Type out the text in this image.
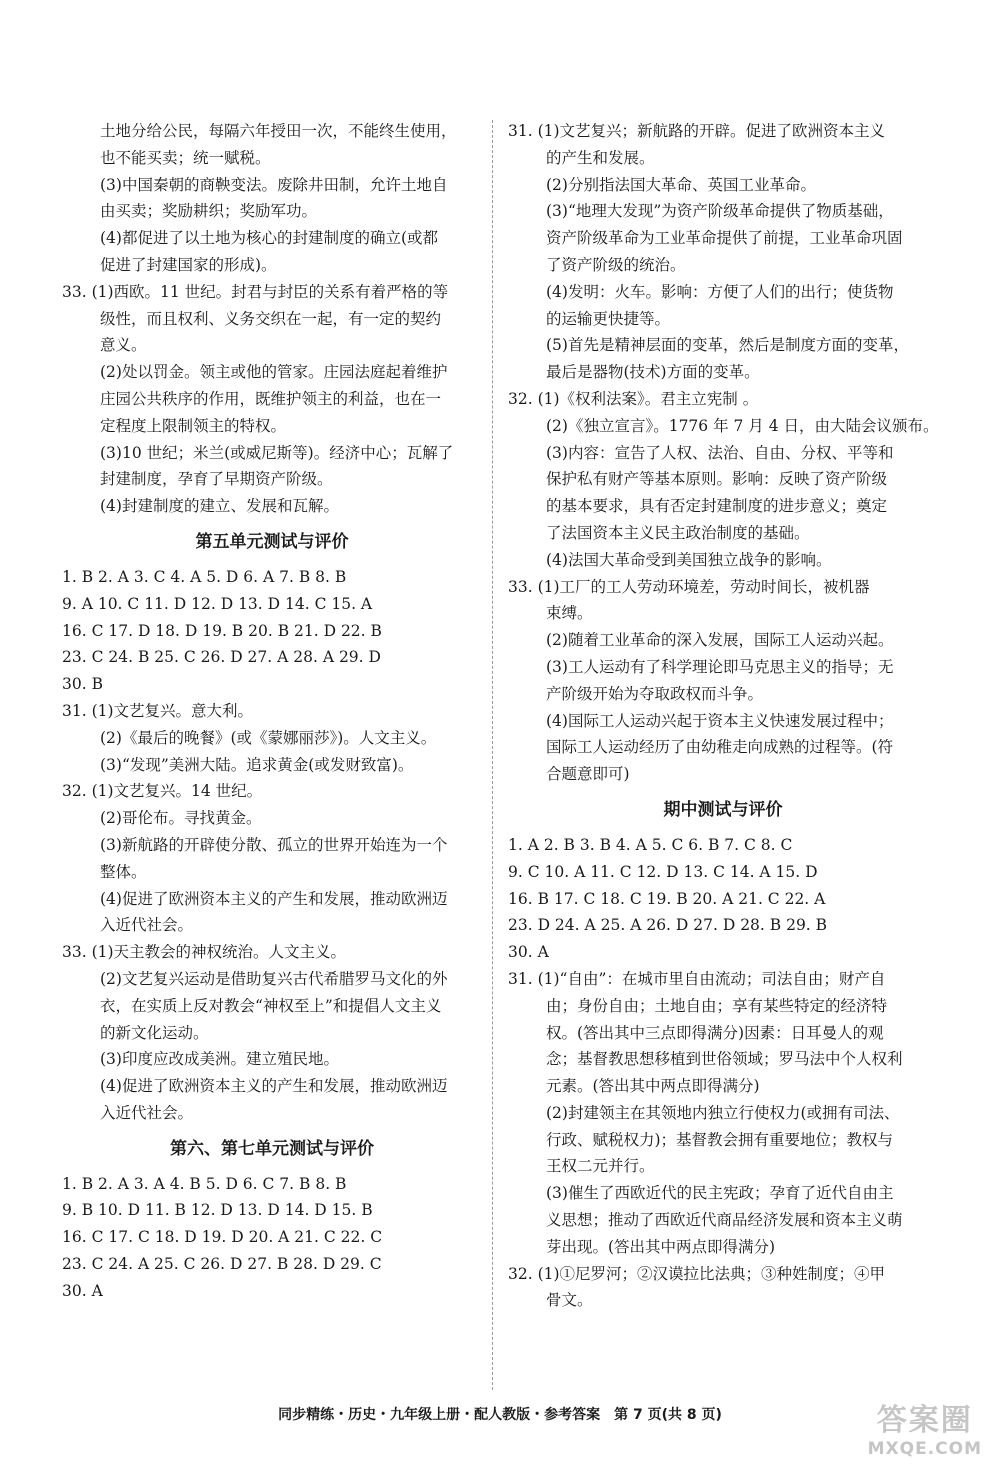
土地分给公民，每隔六年授田一次，不能终生使用，
也不能买卖；统一赋税。
(3)中国秦朝的商鞅变法。废除井田制，允许土地自
由买卖；奖励耕织；奖励军功。
(4)都促进了以土地为核心的封建制度的确立(或都
促进了封建国家的形成)。
33. (1)西欧。11 世纪。封君与封臣的关系有着严格的等
级性，而且权利、义务交织在一起，有一定的契约
意义。
(2)处以罚金。领主或他的管家。庄园法庭起着维护
庄园公共秩序的作用，既维护领主的利益，也在一
定程度上限制领主的特权。
(3)10 世纪；米兰(或威尼斯等)。经济中心；瓦解了
封建制度，孕育了早期资产阶级。
(4)封建制度的建立、发展和瓦解。
第五单元测试与评价
1. B 2. A 3. C 4. A 5. D 6. A 7. B 8. B
9. A 10. C 11. D 12. D 13. D 14. C 15. A
16. C 17. D 18. D 19. B 20. B 21. D 22. B
23. C 24. B 25. C 26. D 27. A 28. A 29. D
30. B
31. (1)文艺复兴。意大利。
(2)《最后的晚餐》(或《蒙娜丽莎》)。人文主义。
(3)“发现”美洲大陆。追求黄金(或发财致富)。
32. (1)文艺复兴。14 世纪。
(2)哥伦布。寻找黄金。
(3)新航路的开辟使分散、孤立的世界开始连为一个
整体。
(4)促进了欧洲资本主义的产生和发展，推动欧洲迈
入近代社会。
33. (1)天主教会的神权统治。人文主义。
(2)文艺复兴运动是借助复兴古代希腊罗马文化的外
衣，在实质上反对教会“神权至上”和提倡人文主义
的新文化运动。
(3)印度应改成美洲。建立殖民地。
(4)促进了欧洲资本主义的产生和发展，推动欧洲迈
入近代社会。
第六、第七单元测试与评价
1. B 2. A 3. A 4. B 5. D 6. C 7. B 8. B
9. B 10. D 11. B 12. D 13. D 14. D 15. B
16. C 17. C 18. D 19. D 20. A 21. C 22. C
23. C 24. A 25. C 26. D 27. B 28. D 29. C
30. A
31. (1)文艺复兴；新航路的开辟。促进了欧洲资本主义
的产生和发展。
(2)分别指法国大革命、英国工业革命。
(3)“地理大发现”为资产阶级革命提供了物质基础，
资产阶级革命为工业革命提供了前提，工业革命巩固
了资产阶级的统治。
(4)发明：火车。影响：方便了人们的出行；使货物
的运输更快捷等。
(5)首先是精神层面的变革，然后是制度方面的变革，
最后是器物(技术)方面的变革。
32. (1)《权利法案》。君主立宪制 。
(2)《独立宣言》。1776 年 7 月 4 日，由大陆会议颁布。
(3)内容：宣告了人权、法治、自由、分权、平等和
保护私有财产等基本原则。影响：反映了资产阶级
的基本要求，具有否定封建制度的进步意义；奠定
了法国资本主义民主政治制度的基础。
(4)法国大革命受到美国独立战争的影响。
33. (1)工厂的工人劳动环境差，劳动时间长，被机器
束缚。
(2)随着工业革命的深入发展，国际工人运动兴起。
(3)工人运动有了科学理论即马克思主义的指导；无
产阶级开始为夺取政权而斗争。
(4)国际工人运动兴起于资本主义快速发展过程中；
国际工人运动经历了由幼稚走向成熟的过程等。(符
合题意即可)
期中测试与评价
1. A 2. B 3. B 4. A 5. C 6. B 7. C 8. C
9. C 10. A 11. C 12. D 13. C 14. A 15. D
16. B 17. C 18. C 19. B 20. A 21. C 22. A
23. D 24. A 25. A 26. D 27. D 28. B 29. B
30. A
31. (1)“自由”：在城市里自由流动；司法自由；财产自
由；身份自由；土地自由；享有某些特定的经济特
权。(答出其中三点即得满分)因素：日耳曼人的观
念；基督教思想移植到世俗领域；罗马法中个人权利
元素。(答出其中两点即得满分)
(2)封建领主在其领地内独立行使权力(或拥有司法、
行政、赋税权力)；基督教会拥有重要地位；教权与
王权二元并行。
(3)催生了西欧近代的民主宪政；孕育了近代自由主
义思想；推动了西欧近代商品经济发展和资本主义萌
芽出现。(答出其中两点即得满分)
32. (1)①尼罗河；②汉谟拉比法典；③种姓制度；④甲
骨文。
同步精练・历史・九年级上册・配人教版・参考答案　第 7 页(共 8 页)	答案圈
MXQE.COM
